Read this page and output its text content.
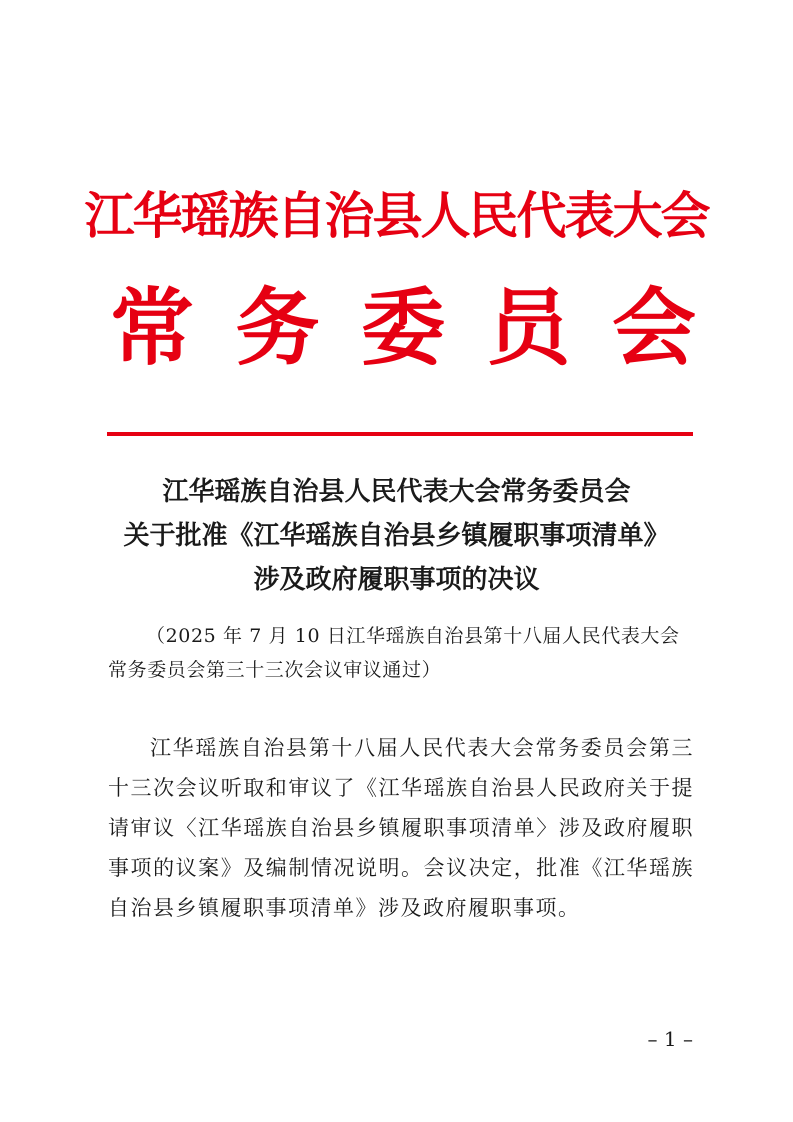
江华瑶族自治县人民代表大会
常 务 委 员 会
江华瑶族自治县人民代表大会常务委员会
关于批准《江华瑶族自治县乡镇履职事项清单》
涉及政府履职事项的决议
（2025 年 7 月 10 日江华瑶族自治县第十八届人民代表大会
常务委员会第三十三次会议审议通过）
江华瑶族自治县第十八届人民代表大会常务委员会第三十三次会议听取和审议了《江华瑶族自治县人民政府关于提请审议〈江华瑶族自治县乡镇履职事项清单〉涉及政府履职事项的议案》及编制情况说明。会议决定，批准《江华瑶族自治县乡镇履职事项清单》涉及政府履职事项。
– 1 –
